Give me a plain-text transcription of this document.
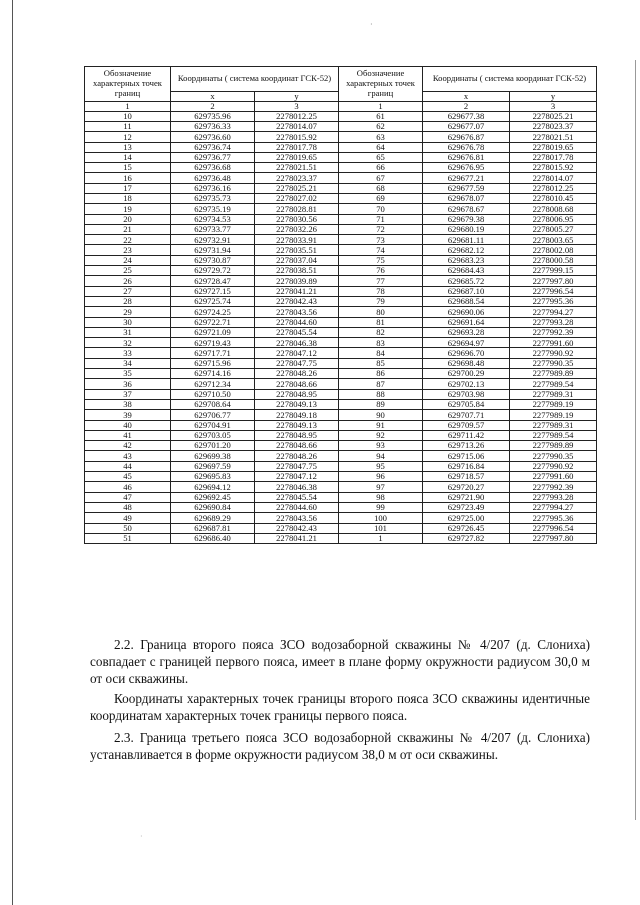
·
·
Обозначение характерных точек границ	Координаты ( система координат ГСК-52)		Обозначение характерных точек границ	Координаты ( система координат ГСК-52)	
	x	y		x	y
1	2	3	1	2	3
10	629735.96	2278012.25	61	629677.38	2278025.21
11	629736.33	2278014.07	62	629677.07	2278023.37
12	629736.60	2278015.92	63	629676.87	2278021.51
13	629736.74	2278017.78	64	629676.78	2278019.65
14	629736.77	2278019.65	65	629676.81	2278017.78
15	629736.68	2278021.51	66	629676.95	2278015.92
16	629736.48	2278023.37	67	629677.21	2278014.07
17	629736.16	2278025.21	68	629677.59	2278012.25
18	629735.73	2278027.02	69	629678.07	2278010.45
19	629735.19	2278028.81	70	629678.67	2278008.68
20	629734.53	2278030.56	71	629679.38	2278006.95
21	629733.77	2278032.26	72	629680.19	2278005.27
22	629732.91	2278033.91	73	629681.11	2278003.65
23	629731.94	2278035.51	74	629682.12	2278002.08
24	629730.87	2278037.04	75	629683.23	2278000.58
25	629729.72	2278038.51	76	629684.43	2277999.15
26	629728.47	2278039.89	77	629685.72	2277997.80
27	629727.15	2278041.21	78	629687.10	2277996.54
28	629725.74	2278042.43	79	629688.54	2277995.36
29	629724.25	2278043.56	80	629690.06	2277994.27
30	629722.71	2278044.60	81	629691.64	2277993.28
31	629721.09	2278045.54	82	629693.28	2277992.39
32	629719.43	2278046.38	83	629694.97	2277991.60
33	629717.71	2278047.12	84	629696.70	2277990.92
34	629715.96	2278047.75	85	629698.48	2277990.35
35	629714.16	2278048.26	86	629700.29	2277989.89
36	629712.34	2278048.66	87	629702.13	2277989.54
37	629710.50	2278048.95	88	629703.98	2277989.31
38	629708.64	2278049.13	89	629705.84	2277989.19
39	629706.77	2278049.18	90	629707.71	2277989.19
40	629704.91	2278049.13	91	629709.57	2277989.31
41	629703.05	2278048.95	92	629711.42	2277989.54
42	629701.20	2278048.66	93	629713.26	2277989.89
43	629699.38	2278048.26	94	629715.06	2277990.35
44	629697.59	2278047.75	95	629716.84	2277990.92
45	629695.83	2278047.12	96	629718.57	2277991.60
46	629694.12	2278046.38	97	629720.27	2277992.39
47	629692.45	2278045.54	98	629721.90	2277993.28
48	629690.84	2278044.60	99	629723.49	2277994.27
49	629689.29	2278043.56	100	629725.00	2277995.36
50	629687.81	2278042.43	101	629726.45	2277996.54
51	629686.40	2278041.21	1	629727.82	2277997.80

2.2. Граница второго пояса ЗСО водозаборной скважины № 4/207 (д. Слониха) совпадает с границей первого пояса, имеет в плане форму окружности радиусом 30,0 м от оси скважины.

Координаты характерных точек границы второго пояса ЗСО скважины идентичные координатам характерных точек границы первого пояса.

2.3. Граница третьего пояса ЗСО водозаборной скважины № 4/207 (д. Слониха) устанавливается в форме окружности радиусом 38,0 м от оси скважины.
